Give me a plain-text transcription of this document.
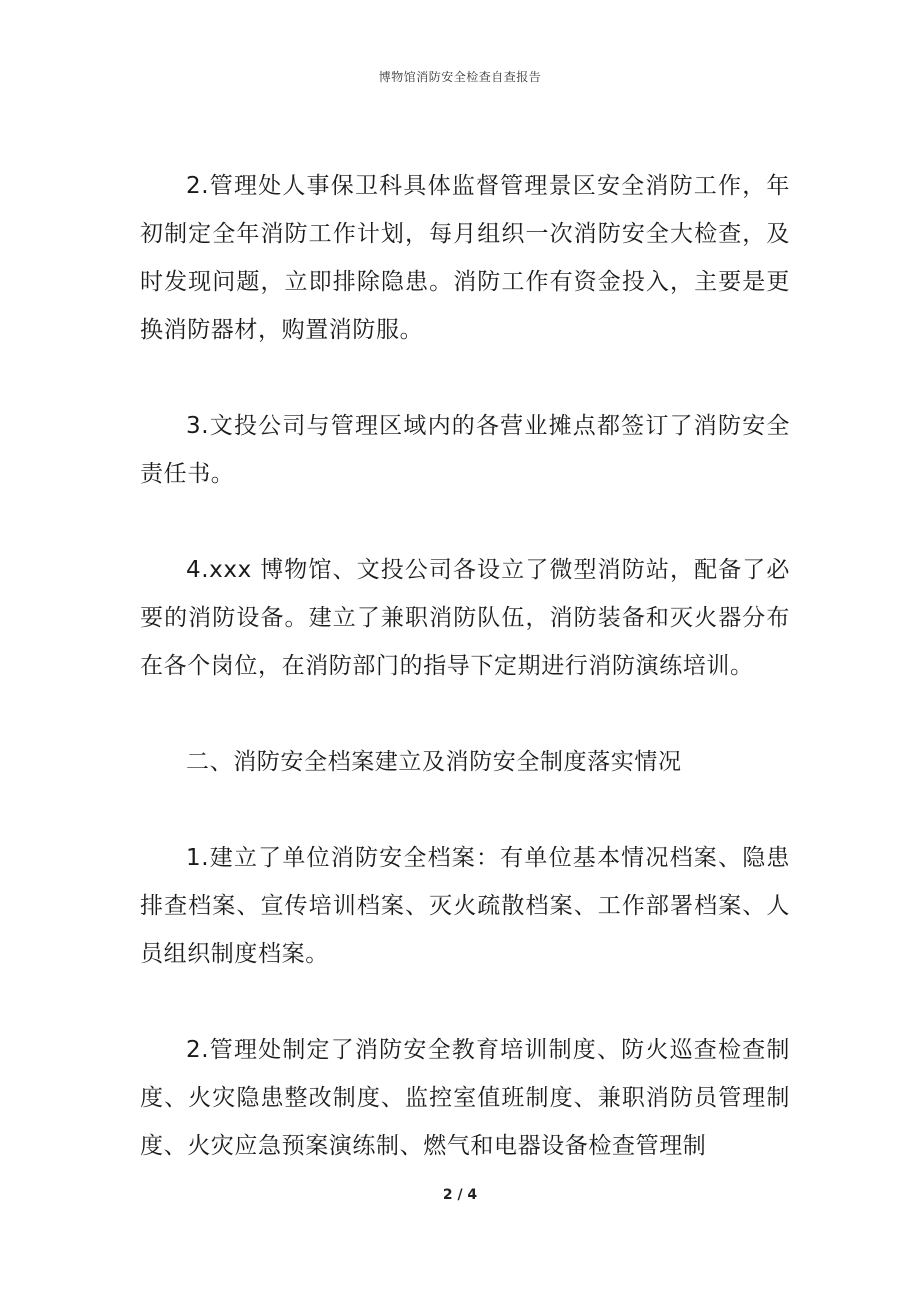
博物馆消防安全检查自查报告

2.管理处人事保卫科具体监督管理景区安全消防工作，年初制定全年消防工作计划，每月组织一次消防安全大检查，及时发现问题，立即排除隐患。消防工作有资金投入，主要是更换消防器材，购置消防服。

3.文投公司与管理区域内的各营业摊点都签订了消防安全责任书。

4.xxx 博物馆、文投公司各设立了微型消防站，配备了必要的消防设备。建立了兼职消防队伍，消防装备和灭火器分布在各个岗位，在消防部门的指导下定期进行消防演练培训。

二、消防安全档案建立及消防安全制度落实情况

1.建立了单位消防安全档案：有单位基本情况档案、隐患排查档案、宣传培训档案、灭火疏散档案、工作部署档案、人员组织制度档案。

2.管理处制定了消防安全教育培训制度、防火巡查检查制度、火灾隐患整改制度、监控室值班制度、兼职消防员管理制度、火灾应急预案演练制、燃气和电器设备检查管理制

2 / 4
